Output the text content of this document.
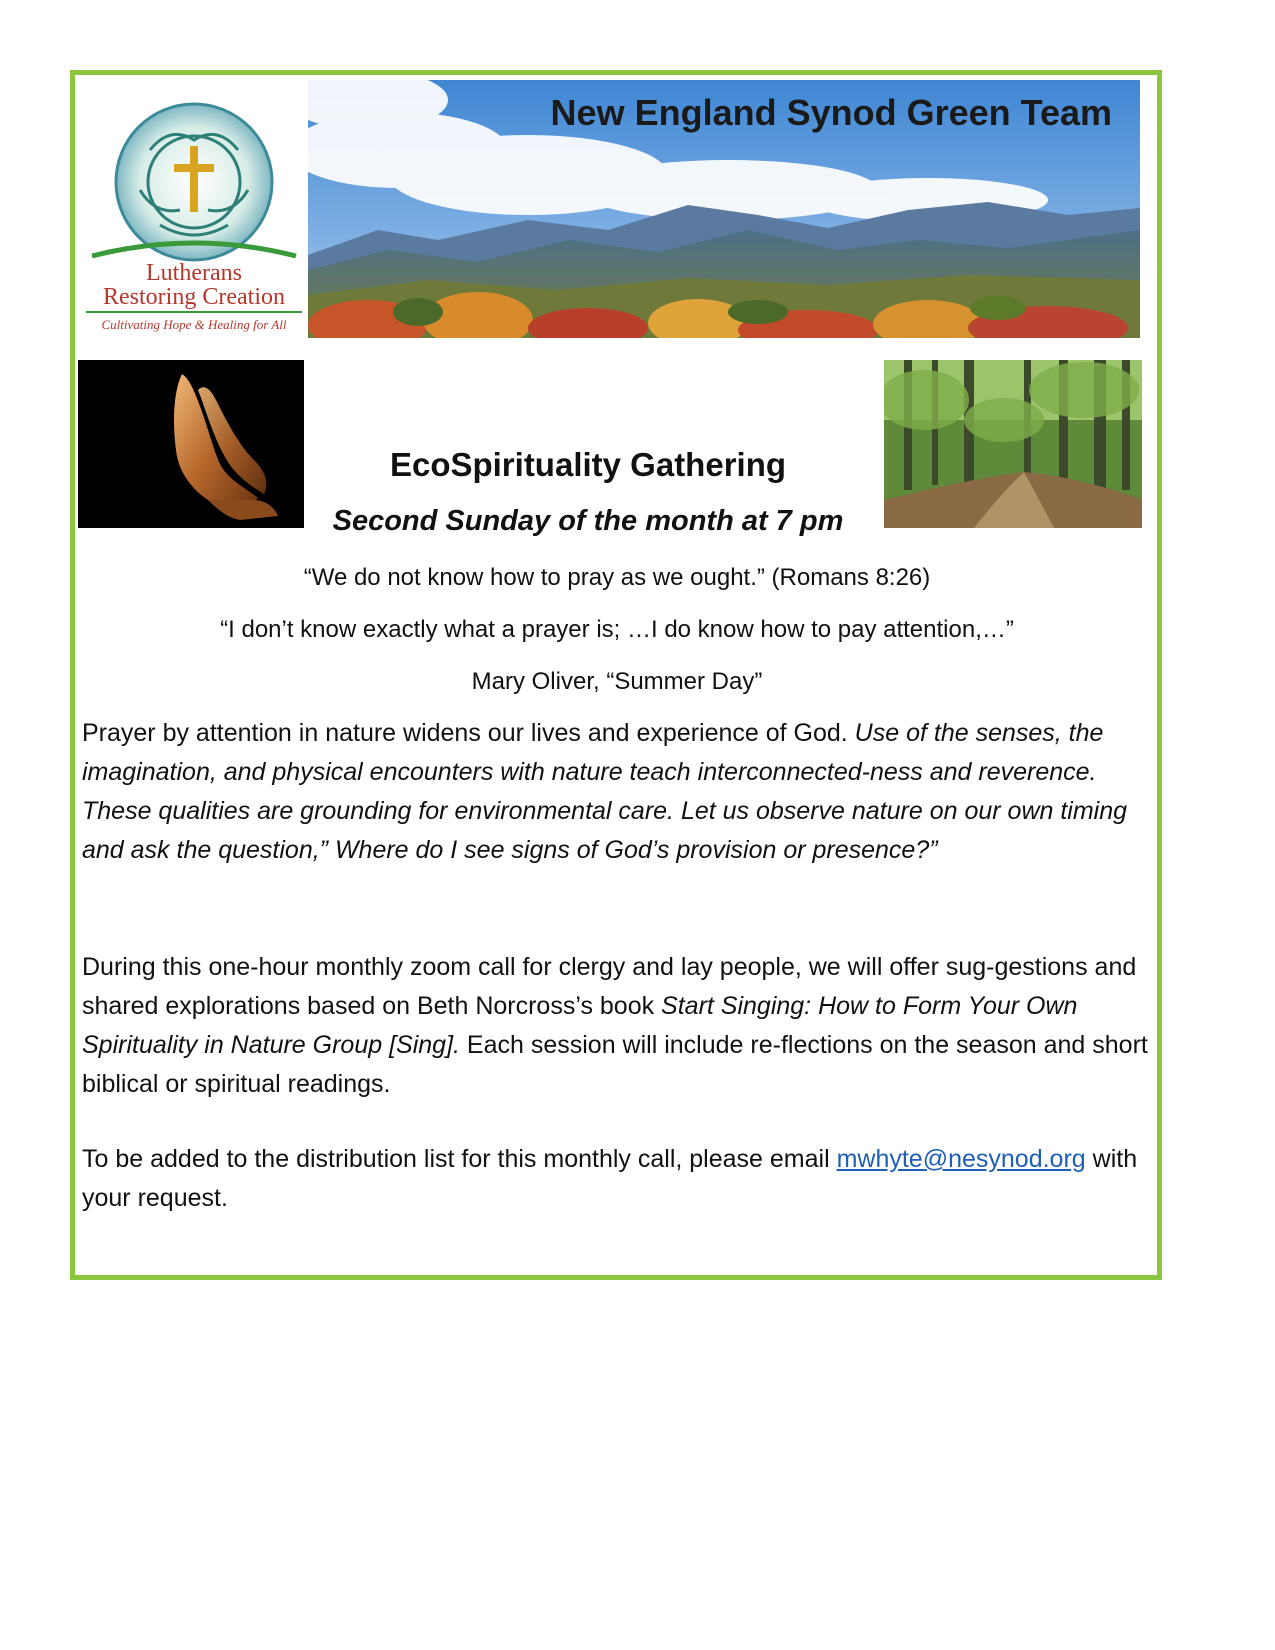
Lutherans
Restoring Creation
Cultivating Hope & Healing for All
New England Synod Green Team
EcoSpirituality Gathering
Second Sunday of the month at 7 pm
“We do not know how to pray as we ought.” (Romans 8:26)
“I don’t know exactly what a prayer is; …I do know how to pay attention,…”
Mary Oliver, “Summer Day”

Prayer by attention in nature widens our lives and experience of God. Use of the senses, the imagination, and physical encounters with nature teach interconnected-ness and reverence. These qualities are grounding for environmental care. Let us observe nature on our own timing and ask the question,” Where do I see signs of God’s provision or presence?”

During this one-hour monthly zoom call for clergy and lay people, we will offer sug-gestions and shared explorations based on Beth Norcross’s book Start Singing: How to Form Your Own Spirituality in Nature Group [Sing]. Each session will include re-flections on the season and short biblical or spiritual readings.

To be added to the distribution list for this monthly call, please email mwhyte@nesynod.org with your request.
